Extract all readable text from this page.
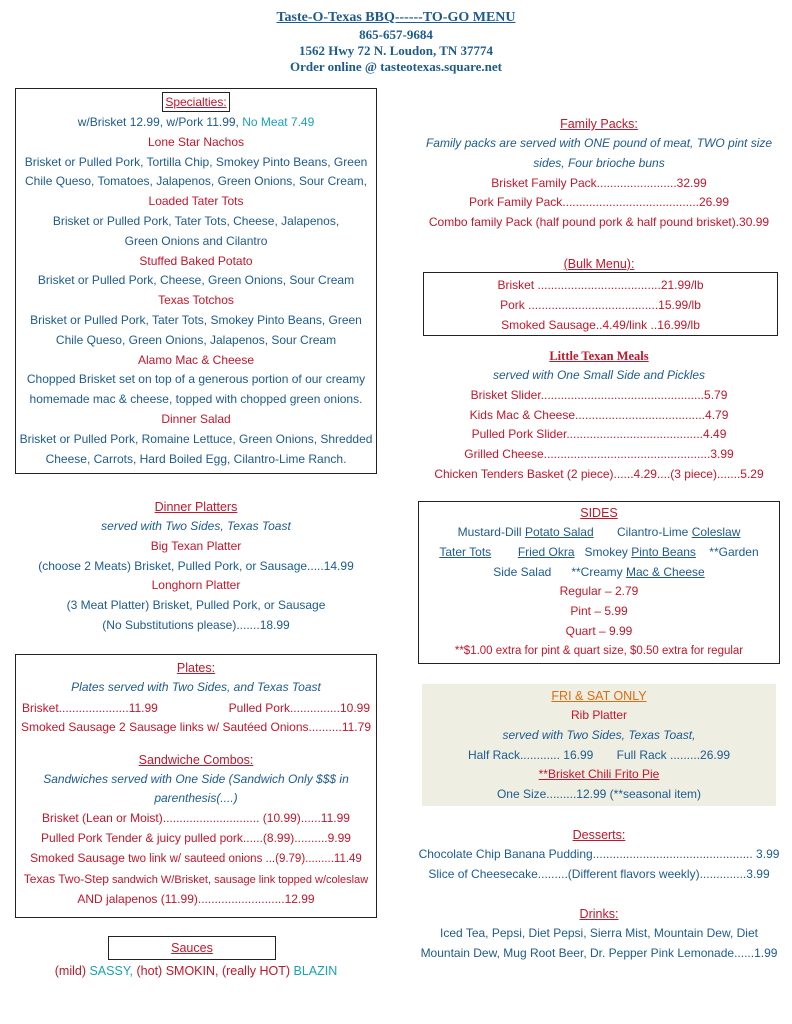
Taste-O-Texas BBQ------TO-GO MENU
865-657-9684
1562 Hwy 72 N. Loudon, TN 37774
Order online @ tasteotexas.square.net
Specialties:
w/Brisket 12.99, w/Pork 11.99, No Meat 7.49
Lone Star Nachos
Brisket or Pulled Pork, Tortilla Chip, Smokey Pinto Beans, Green
Chile Queso, Tomatoes, Jalapenos, Green Onions, Sour Cream,
Loaded Tater Tots
Brisket or Pulled Pork, Tater Tots, Cheese, Jalapenos,
Green Onions and Cilantro
Stuffed Baked Potato
Brisket or Pulled Pork, Cheese, Green Onions, Sour Cream
Texas Totchos
Brisket or Pulled Pork, Tater Tots, Smokey Pinto Beans, Green
Chile Queso, Green Onions, Jalapenos, Sour Cream
Alamo Mac & Cheese
Chopped Brisket set on top of a generous portion of our creamy
homemade mac & cheese, topped with chopped green onions.
Dinner Salad
Brisket or Pulled Pork, Romaine Lettuce, Green Onions, Shredded
Cheese, Carrots, Hard Boiled Egg, Cilantro-Lime Ranch.
Dinner Platters
served with Two Sides, Texas Toast
Big Texan Platter
(choose 2 Meats) Brisket, Pulled Pork, or Sausage.....14.99
Longhorn Platter
(3 Meat Platter) Brisket, Pulled Pork, or Sausage
(No Substitutions please).......18.99
Plates:
Plates served with Two Sides, and Texas Toast
Brisket.....................11.99	Pulled Pork...............10.99
Smoked Sausage 2 Sausage links w/ Sautéed Onions..........11.79
Sandwiche Combos:
Sandwiches served with One Side (Sandwich Only $$$ in
parenthesis(....)
Brisket (Lean or Moist)............................. (10.99)......11.99
Pulled Pork Tender & juicy pulled pork......(8.99)..........9.99
Smoked Sausage two link w/ sauteed onions ...(9.79).........11.49
Texas Two-Step sandwich W/Brisket, sausage link topped w/coleslaw
AND jalapenos (11.99)..........................12.99
Sauces
(mild) SASSY, (hot) SMOKIN, (really HOT) BLAZIN
Family Packs:
Family packs are served with ONE pound of meat, TWO pint size
sides, Four brioche buns
Brisket Family Pack........................32.99
Pork Family Pack.........................................26.99
Combo family Pack (half pound pork & half pound brisket).30.99
(Bulk Menu):
Brisket .....................................21.99/lb
Pork .......................................15.99/lb
Smoked Sausage..4.49/link ..16.99/lb
Little Texan Meals
served with One Small Side and Pickles
Brisket Slider.................................................5.79
Kids Mac & Cheese.......................................4.79
Pulled Pork Slider.........................................4.49
Grilled Cheese..................................................3.99
Chicken Tenders Basket (2 piece)......4.29....(3 piece).......5.29
SIDES
Mustard-Dill Potato Salad Cilantro-Lime Coleslaw
Tater Tots Fried Okra Smokey Pinto Beans **Garden
Side Salad **Creamy Mac & Cheese
Regular – 2.79
Pint – 5.99
Quart – 9.99
**$1.00 extra for pint & quart size, $0.50 extra for regular
FRI & SAT ONLY
Rib Platter
served with Two Sides, Texas Toast,
Half Rack............ 16.99 Full Rack .........26.99
**Brisket Chili Frito Pie
One Size.........12.99 (**seasonal item)
Desserts:
Chocolate Chip Banana Pudding................................................ 3.99
Slice of Cheesecake.........(Different flavors weekly)..............3.99
Drinks:
Iced Tea, Pepsi, Diet Pepsi, Sierra Mist, Mountain Dew, Diet
Mountain Dew, Mug Root Beer, Dr. Pepper Pink Lemonade......1.99
